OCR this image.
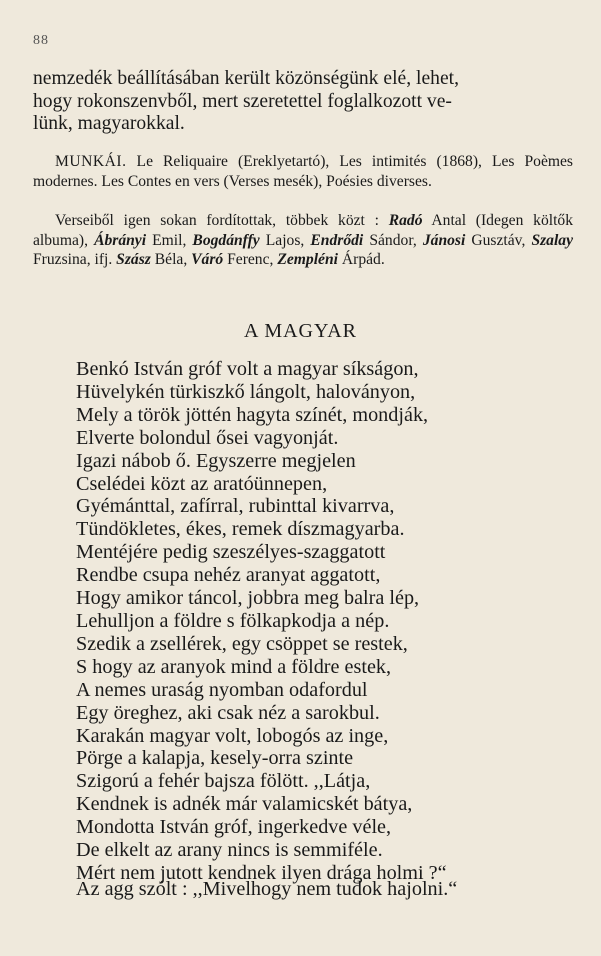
88

nemzedék beállításában került közönségünk elé, lehet,

hogy rokonszenvből, mert szeretettel foglalkozott ve-

lünk, magyarokkal.

MUNKÁI. Le Reliquaire (Ereklyetartó), Les intimités (1868), Les Poèmes modernes. Les Contes en vers (Verses mesék), Poésies diverses.
Verseiből igen sokan fordítottak, többek közt : Radó Antal (Idegen költők albuma), Ábrányi Emil, Bogdánffy Lajos, Endrődi Sándor, Jánosi Gusztáv, Szalay Fruzsina, ifj. Szász Béla, Váró Ferenc, Zempléni Árpád.
A MAGYAR
Benkó István gróf volt a magyar síkságon,
Hüvelykén türkiszkő lángolt, haloványon,
Mely a török jöttén hagyta színét, mondják,
Elverte bolondul ősei vagyonját.
Igazi nábob ő. Egyszerre megjelen
Cselédei közt az aratóünnepen,
Gyémánttal, zafírral, rubinttal kivarrva,
Tündökletes, ékes, remek díszmagyarba.
Mentéjére pedig szeszélyes-szaggatott
Rendbe csupa nehéz aranyat aggatott,
Hogy amikor táncol, jobbra meg balra lép,
Lehulljon a földre s fölkapkodja a nép.
Szedik a zsellérek, egy csöppet se restek,
S hogy az aranyok mind a földre estek,
A nemes uraság nyomban odafordul
Egy öreghez, aki csak néz a sarokbul.
Karakán magyar volt, lobogós az inge,
Pörge a kalapja, kesely-orra szinte
Szigorú a fehér bajsza fölött. ,,Látja,
Kendnek is adnék már valamicskét bátya,
Mondotta István gróf, ingerkedve véle,
De elkelt az arany nincs is semmiféle.
Mért nem jutott kendnek ilyen drága holmi ?“
Az agg szólt : ,,Mivelhogy nem tudok hajolni.“
